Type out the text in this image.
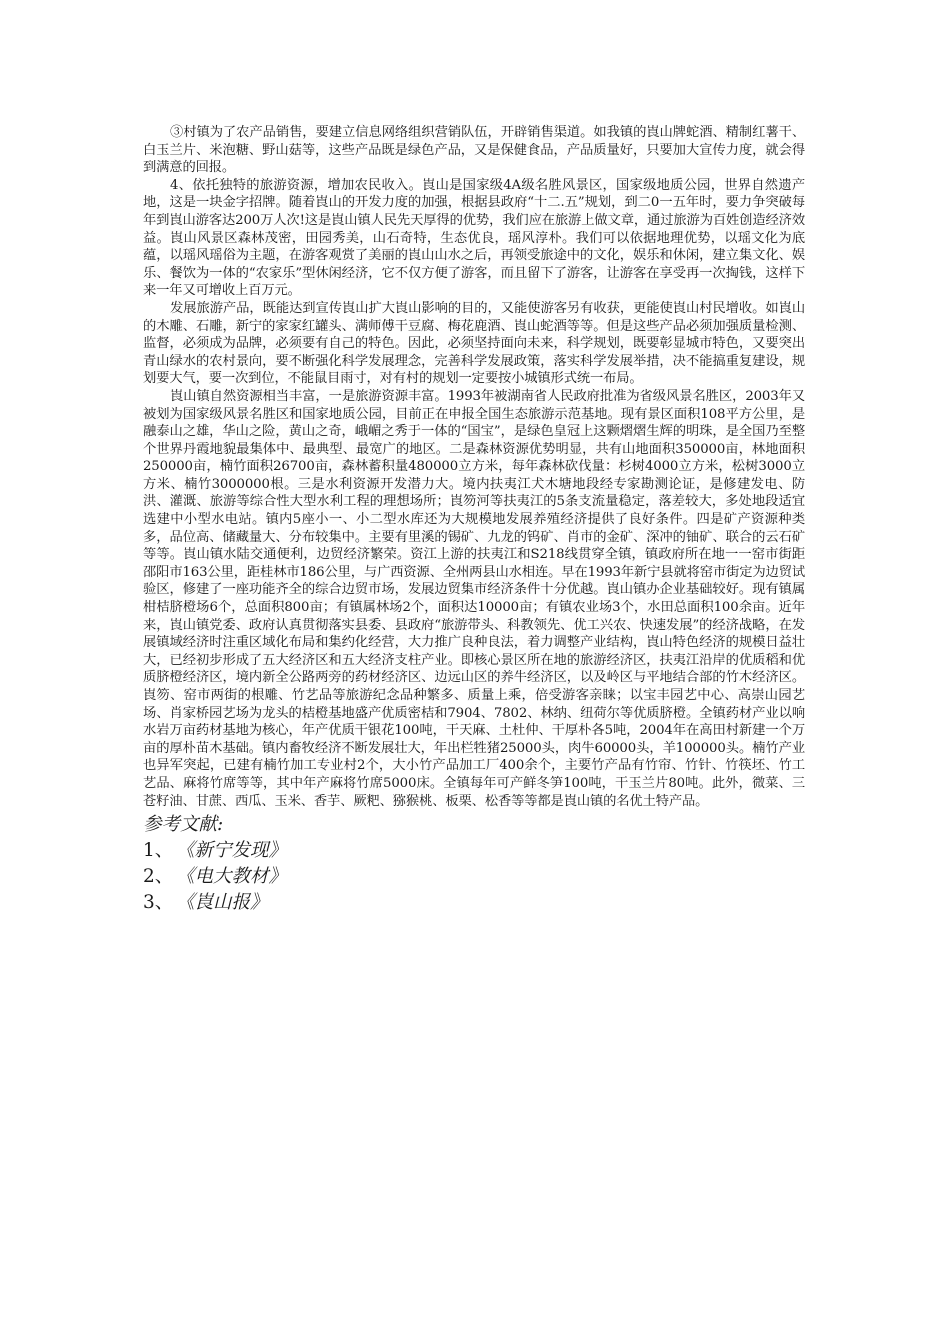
③村镇为了农产品销售，要建立信息网络组织营销队伍，开辟销售渠道。如我镇的崀山牌蛇酒、精制红薯干、白玉兰片、米泡糖、野山菇等，这些产品既是绿色产品，又是保健食品，产品质量好，只要加大宣传力度，就会得到满意的回报。

4、依托独特的旅游资源，增加农民收入。崀山是国家级4A级名胜风景区，国家级地质公园，世界自然遗产地，这是一块金字招牌。随着崀山的开发力度的加强，根据县政府“十二.五”规划，到二0一五年时，要力争突破每年到崀山游客达200万人次!这是崀山镇人民先天厚得的优势，我们应在旅游上做文章，通过旅游为百姓创造经济效益。崀山风景区森林茂密，田园秀美，山石奇特，生态优良，瑶风淳朴。我们可以依据地理优势，以瑶文化为底蕴，以瑶风瑶俗为主题，在游客观赏了美丽的崀山山水之后，再领受旅途中的文化，娱乐和休闲，建立集文化、娱乐、餐饮为一体的“农家乐”型休闲经济，它不仅方便了游客，而且留下了游客，让游客在享受再一次掏钱，这样下来一年又可增收上百万元。

发展旅游产品，既能达到宣传崀山扩大崀山影响的目的，又能使游客另有收获，更能使崀山村民增收。如崀山的木雕、石雕，新宁的家家红罐头、满师傅干豆腐、梅花鹿酒、崀山蛇酒等等。但是这些产品必须加强质量检测、监督，必须成为品牌，必须要有自己的特色。因此，必须坚持面向未来，科学规划，既要彰显城市特色，又要突出青山绿水的农村景向，要不断强化科学发展理念，完善科学发展政策，落实科学发展举措，决不能搞重复建设，规划要大气，要一次到位，不能鼠目雨寸，对有村的规划一定要按小城镇形式统一布局。

崀山镇自然资源相当丰富，一是旅游资源丰富。1993年被湖南省人民政府批准为省级风景名胜区，2003年又被划为国家级风景名胜区和国家地质公园，目前正在申报全国生态旅游示范基地。现有景区面积108平方公里，是融泰山之雄，华山之险，黄山之奇，峨嵋之秀于一体的“国宝”，是绿色皇冠上这颗熠熠生辉的明珠，是全国乃至整个世界丹霞地貌最集体中、最典型、最宽广的地区。二是森林资源优势明显，共有山地面积350000亩，林地面积250000亩，楠竹面积26700亩，森林蓄积量480000立方米，每年森林砍伐量：杉树4000立方米，松树3000立方米、楠竹3000000根。三是水利资源开发潜力大。境内扶夷江犬木塘地段经专家勘测论证，是修建发电、防洪、灌溉、旅游等综合性大型水利工程的理想场所；崀笏河等扶夷江的5条支流量稳定，落差较大，多处地段适宜选建中小型水电站。镇内5座小一、小二型水库还为大规模地发展养殖经济提供了良好条件。四是矿产资源种类多，品位高、储藏量大、分布较集中。主要有里溪的锡矿、九龙的钨矿、肖市的金矿、深冲的铀矿、联合的云石矿等等。崀山镇水陆交通便利，边贸经济繁荣。资江上游的扶夷江和S218线贯穿全镇，镇政府所在地一一窑市街距邵阳市163公里，距桂林市186公里，与广西资源、全州两县山水相连。早在1993年新宁县就将窑市街定为边贸试验区，修建了一座功能齐全的综合边贸市场，发展边贸集市经济条件十分优越。崀山镇办企业基础较好。现有镇属柑桔脐橙场6个，总面积800亩；有镇属林场2个，面积达10000亩；有镇农业场3个，水田总面积100余亩。近年来，崀山镇党委、政府认真贯彻落实县委、县政府“旅游带头、科教领先、优工兴农、快速发展”的经济战略，在发展镇域经济时注重区域化布局和集约化经营，大力推广良种良法，着力调整产业结构，崀山特色经济的规模日益壮大，已经初步形成了五大经济区和五大经济支柱产业。即核心景区所在地的旅游经济区，扶夷江沿岸的优质稻和优质脐橙经济区，境内新全公路两旁的药材经济区、边远山区的养牛经济区，以及岭区与平地结合部的竹木经济区。崀笏、窑市两街的根雕、竹艺品等旅游纪念品种繁多、质量上乘，倍受游客亲睐；以宝丰园艺中心、高崇山园艺场、肖家桥园艺场为龙头的桔橙基地盛产优质密桔和7904、7802、林纳、纽荷尔等优质脐橙。全镇药材产业以响水岩万亩药材基地为核心，年产优质干银花100吨，干天麻、土杜仲、干厚朴各5吨，2004年在高田村新建一个万亩的厚朴苗木基础。镇内畜牧经济不断发展壮大，年出栏牲猪25000头，肉牛60000头，羊100000头。楠竹产业也异军突起，已建有楠竹加工专业村2个，大小竹产品加工厂400余个，主要竹产品有竹帘、竹针、竹筷坯、竹工艺品、麻将竹席等等，其中年产麻将竹席5000床。全镇每年可产鲜冬笋100吨，干玉兰片80吨。此外，微菜、三苍籽油、甘蔗、西瓜、玉米、香芋、厥粑、猕猴桃、板栗、松香等等都是崀山镇的名优土特产品。

参考文献:
1、 《新宁发现》
2、 《电大教材》
3、 《崀山报》
